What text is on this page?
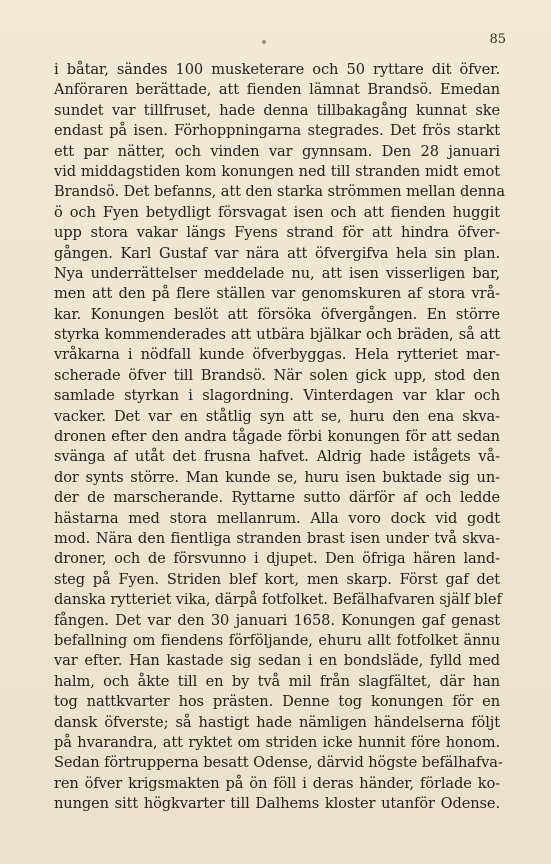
85
i båtar, sändes 100 musketerare och 50 ryttare dit öfver.
Anföraren berättade, att fienden lämnat Brandsö. Emedan
sundet var tillfruset, hade denna tillbakagång kunnat ske
endast på isen. Förhoppningarna stegrades. Det frös starkt
ett par nätter, och vinden var gynnsam. Den 28 januari
vid middagstiden kom konungen ned till stranden midt emot
Brandsö. Det befanns, att den starka strömmen mellan denna
ö och Fyen betydligt försvagat isen och att fienden huggit
upp stora vakar längs Fyens strand för att hindra öfver-
gången. Karl Gustaf var nära att öfvergifva hela sin plan.
Nya underrättelser meddelade nu, att isen visserligen bar,
men att den på flere ställen var genomskuren af stora vrå-
kar. Konungen beslöt att försöka öfvergången. En större
styrka kommenderades att utbära bjälkar och bräden, så att
vråkarna i nödfall kunde öfverbyggas. Hela rytteriet mar-
scherade öfver till Brandsö. När solen gick upp, stod den
samlade styrkan i slagordning. Vinterdagen var klar och
vacker. Det var en ståtlig syn att se, huru den ena skva-
dronen efter den andra tågade förbi konungen för att sedan
svänga af utåt det frusna hafvet. Aldrig hade istågets vå-
dor synts större. Man kunde se, huru isen buktade sig un-
der de marscherande. Ryttarne sutto därför af och ledde
hästarna med stora mellanrum. Alla voro dock vid godt
mod. Nära den fientliga stranden brast isen under två skva-
droner, och de försvunno i djupet. Den öfriga hären land-
steg på Fyen. Striden blef kort, men skarp. Först gaf det
danska rytteriet vika, därpå fotfolket. Befälhafvaren själf blef
fången. Det var den 30 januari 1658. Konungen gaf genast
befallning om fiendens förföljande, ehuru allt fotfolket ännu
var efter. Han kastade sig sedan i en bondsläde, fylld med
halm, och åkte till en by två mil från slagfältet, där han
tog nattkvarter hos prästen. Denne tog konungen för en
dansk öfverste; så hastigt hade nämligen händelserna följt
på hvarandra, att ryktet om striden icke hunnit före honom.
Sedan förtrupperna besatt Odense, därvid högste befälhafva-
ren öfver krigsmakten på ön föll i deras händer, förlade ko-
nungen sitt högkvarter till Dalhems kloster utanför Odense.
